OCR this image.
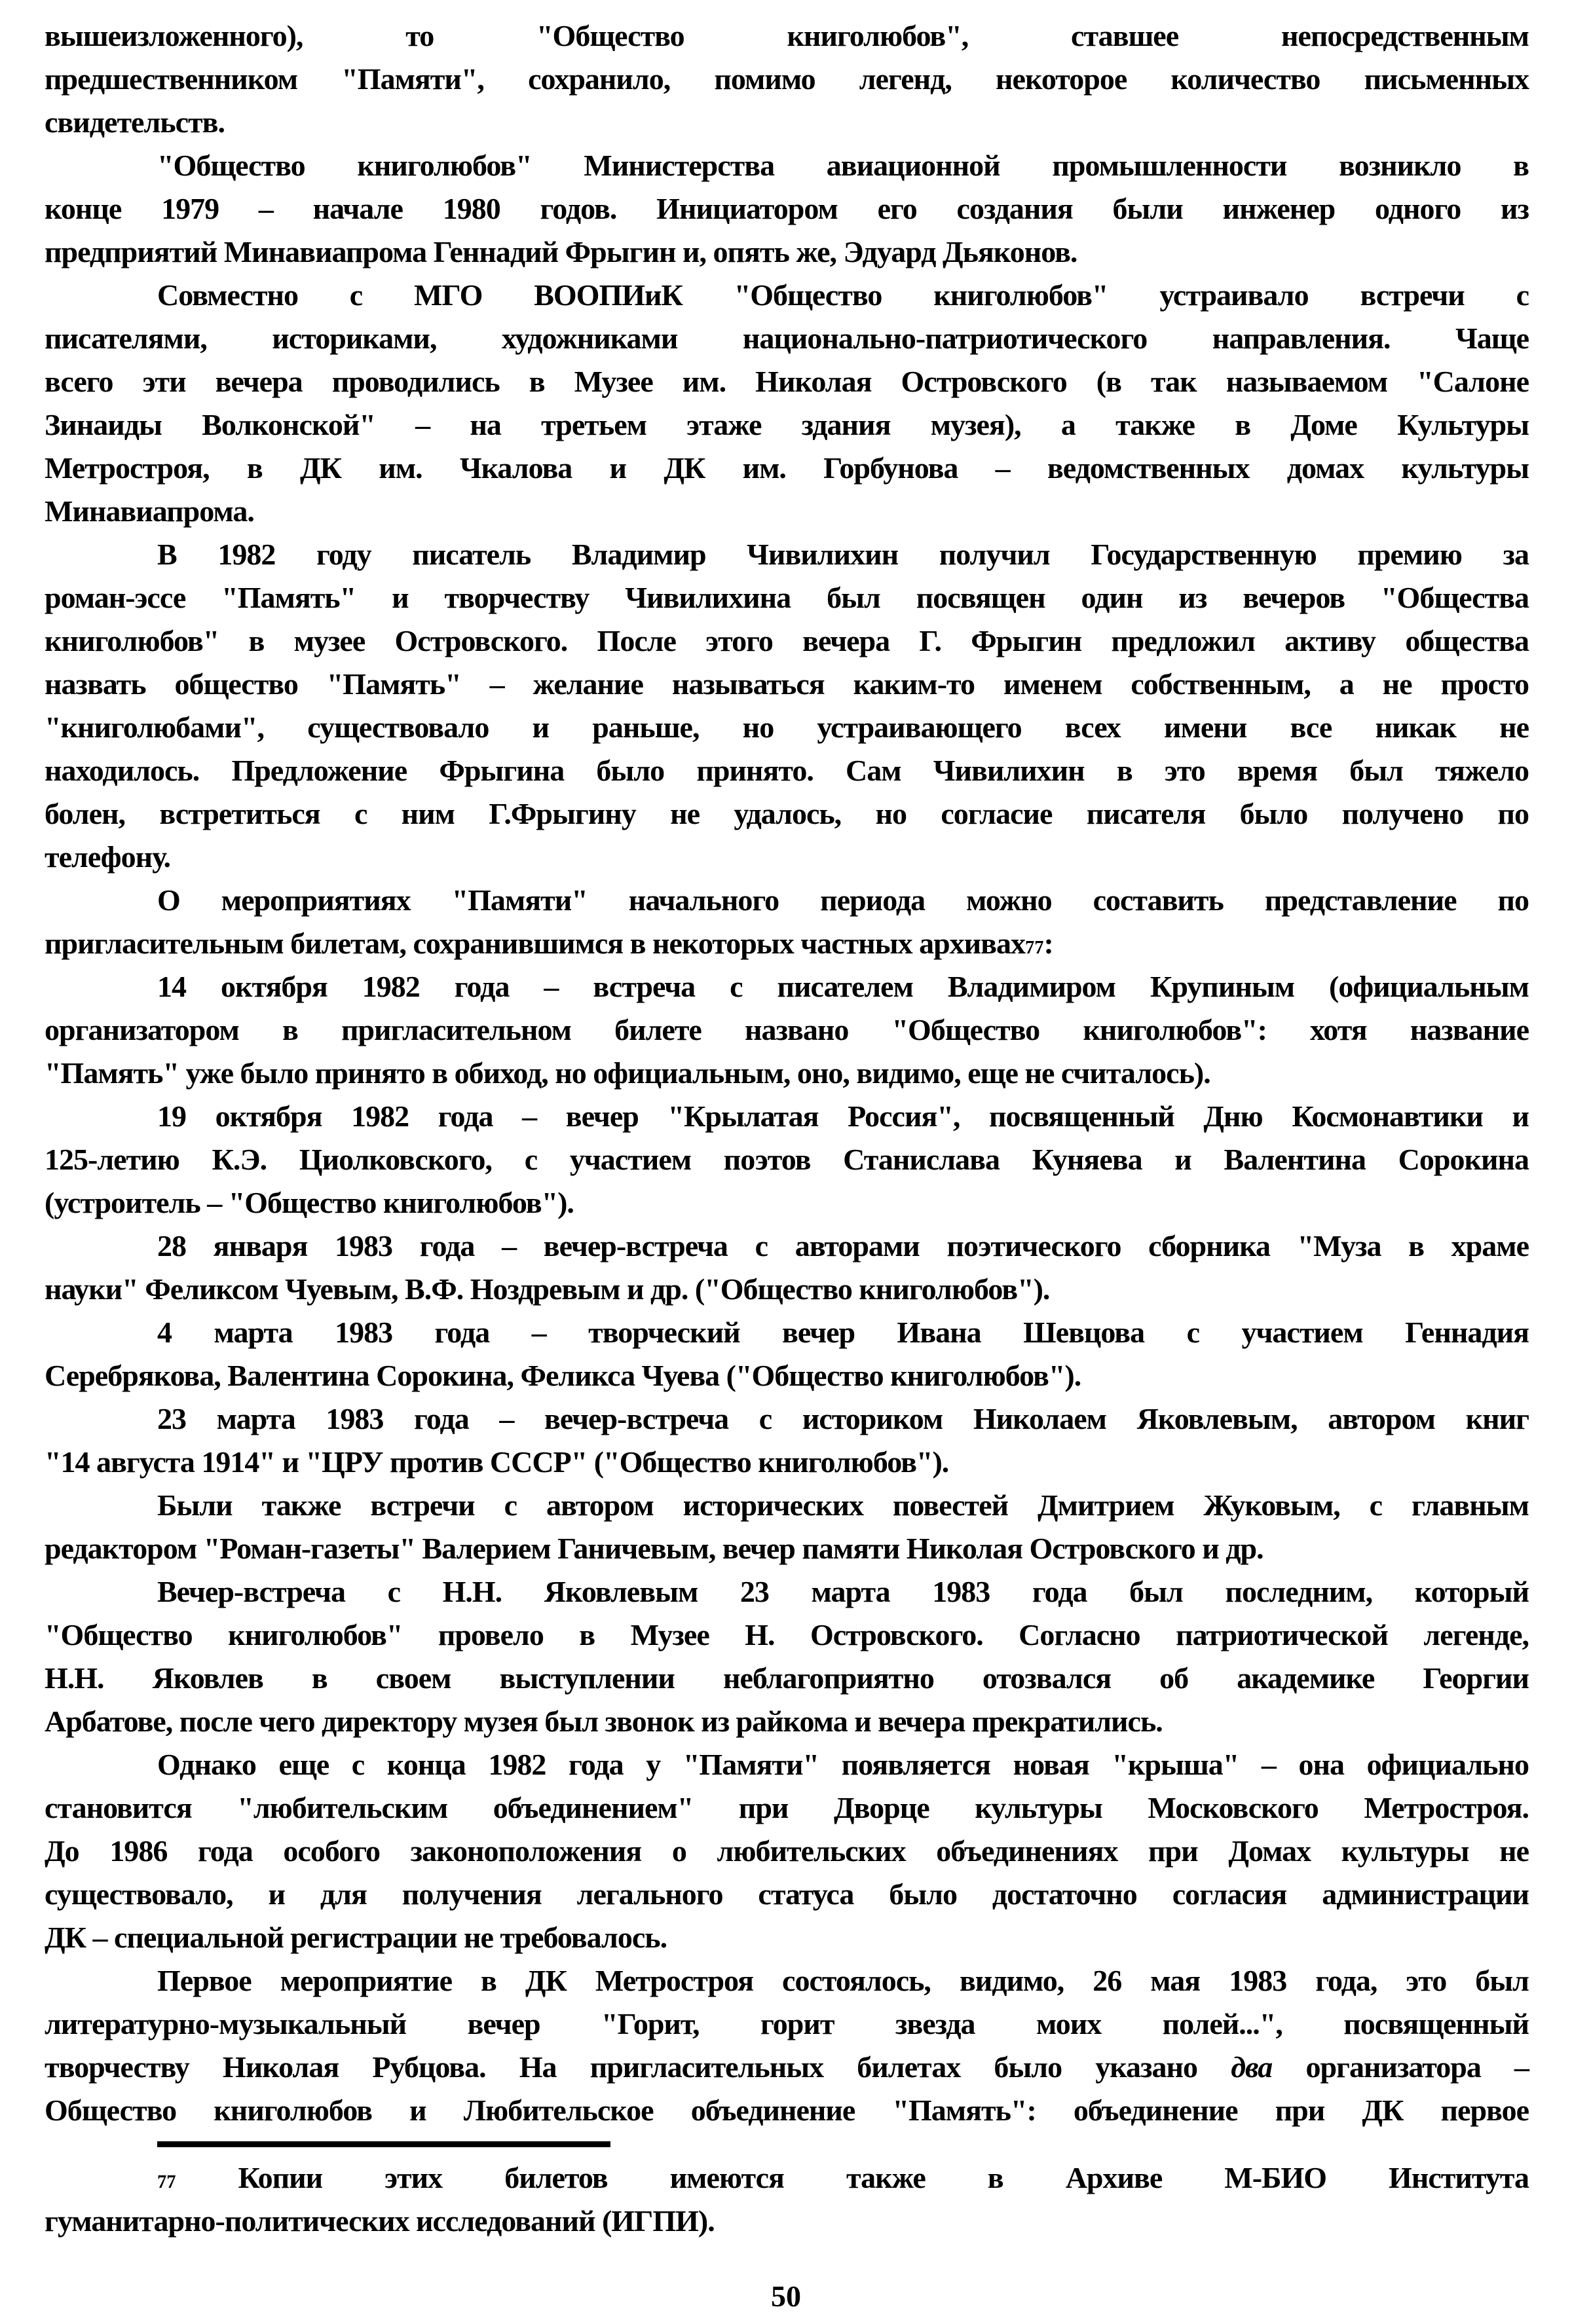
вышеизложенного), то "Общество книголюбов", ставшее непосредственным
предшественником "Памяти", сохранило, помимо легенд, некоторое количество письменных
свидетельств.
"Общество книголюбов" Министерства авиационной промышленности возникло в
конце 1979 – начале 1980 годов. Инициатором его создания были инженер одного из
предприятий Минавиапрома Геннадий Фрыгин и, опять же, Эдуард Дьяконов.
Совместно с МГО ВООПИиК "Общество книголюбов" устраивало встречи с
писателями, историками, художниками национально-патриотического направления. Чаще
всего эти вечера проводились в Музее им. Николая Островского (в так называемом "Салоне
Зинаиды Волконской" – на третьем этаже здания музея), а также в Доме Культуры
Метростроя, в ДК им. Чкалова и ДК им. Горбунова – ведомственных домах культуры
Минавиапрома.
В 1982 году писатель Владимир Чивилихин получил Государственную премию за
роман-эссе "Память" и творчеству Чивилихина был посвящен один из вечеров "Общества
книголюбов" в музее Островского. После этого вечера Г. Фрыгин предложил активу общества
назвать общество "Память" – желание называться каким-то именем собственным, а не просто
"книголюбами", существовало и раньше, но устраивающего всех имени все никак не
находилось. Предложение Фрыгина было принято. Сам Чивилихин в это время был тяжело
болен, встретиться с ним Г.Фрыгину не удалось, но согласие писателя было получено по
телефону.
О мероприятиях "Памяти" начального периода можно составить представление по
пригласительным билетам, сохранившимся в некоторых частных архивах$^{77}$:
14 октября 1982 года – встреча с писателем Владимиром Крупиным (официальным
организатором в пригласительном билете названо "Общество книголюбов": хотя название
"Память" уже было принято в обиход, но официальным, оно, видимо, еще не считалось).
19 октября 1982 года – вечер "Крылатая Россия", посвященный Дню Космонавтики и
125-летию К.Э. Циолковского, с участием поэтов Станислава Куняева и Валентина Сорокина
(устроитель – "Общество книголюбов").
28 января 1983 года – вечер-встреча с авторами поэтического сборника "Муза в храме
науки" Феликсом Чуевым, В.Ф. Ноздревым и др. ("Общество книголюбов").
4 марта 1983 года – творческий вечер Ивана Шевцова с участием Геннадия
Серебрякова, Валентина Сорокина, Феликса Чуева ("Общество книголюбов").
23 марта 1983 года – вечер-встреча с историком Николаем Яковлевым, автором книг
"14 августа 1914" и "ЦРУ против СССР" ("Общество книголюбов").
Были также встречи с автором исторических повестей Дмитрием Жуковым, с главным
редактором "Роман-газеты" Валерием Ганичевым, вечер памяти Николая Островского и др.
Вечер-встреча с Н.Н. Яковлевым 23 марта 1983 года был последним, который
"Общество книголюбов" провело в Музее Н. Островского. Согласно патриотической легенде,
Н.Н. Яковлев в своем выступлении неблагоприятно отозвался об академике Георгии
Арбатове, после чего директору музея был звонок из райкома и вечера прекратились.
Однако еще с конца 1982 года у "Памяти" появляется новая "крыша" – она официально
становится "любительским объединением" при Дворце культуры Московского Метростроя.
До 1986 года особого законоположения о любительских объединениях при Домах культуры не
существовало, и для получения легального статуса было достаточно согласия администрации
ДК – специальной регистрации не требовалось.
Первое мероприятие в ДК Метростроя состоялось, видимо, 26 мая 1983 года, это был
литературно-музыкальный вечер "Горит, горит звезда моих полей...", посвященный
творчеству Николая Рубцова. На пригласительных билетах было указано два организатора –
Общество книголюбов и Любительское объединение "Память": объединение при ДК первое
$^{77}$ Копии этих билетов имеются также в Архиве М-БИО Института
гуманитарно-политических исследований (ИГПИ).
50
